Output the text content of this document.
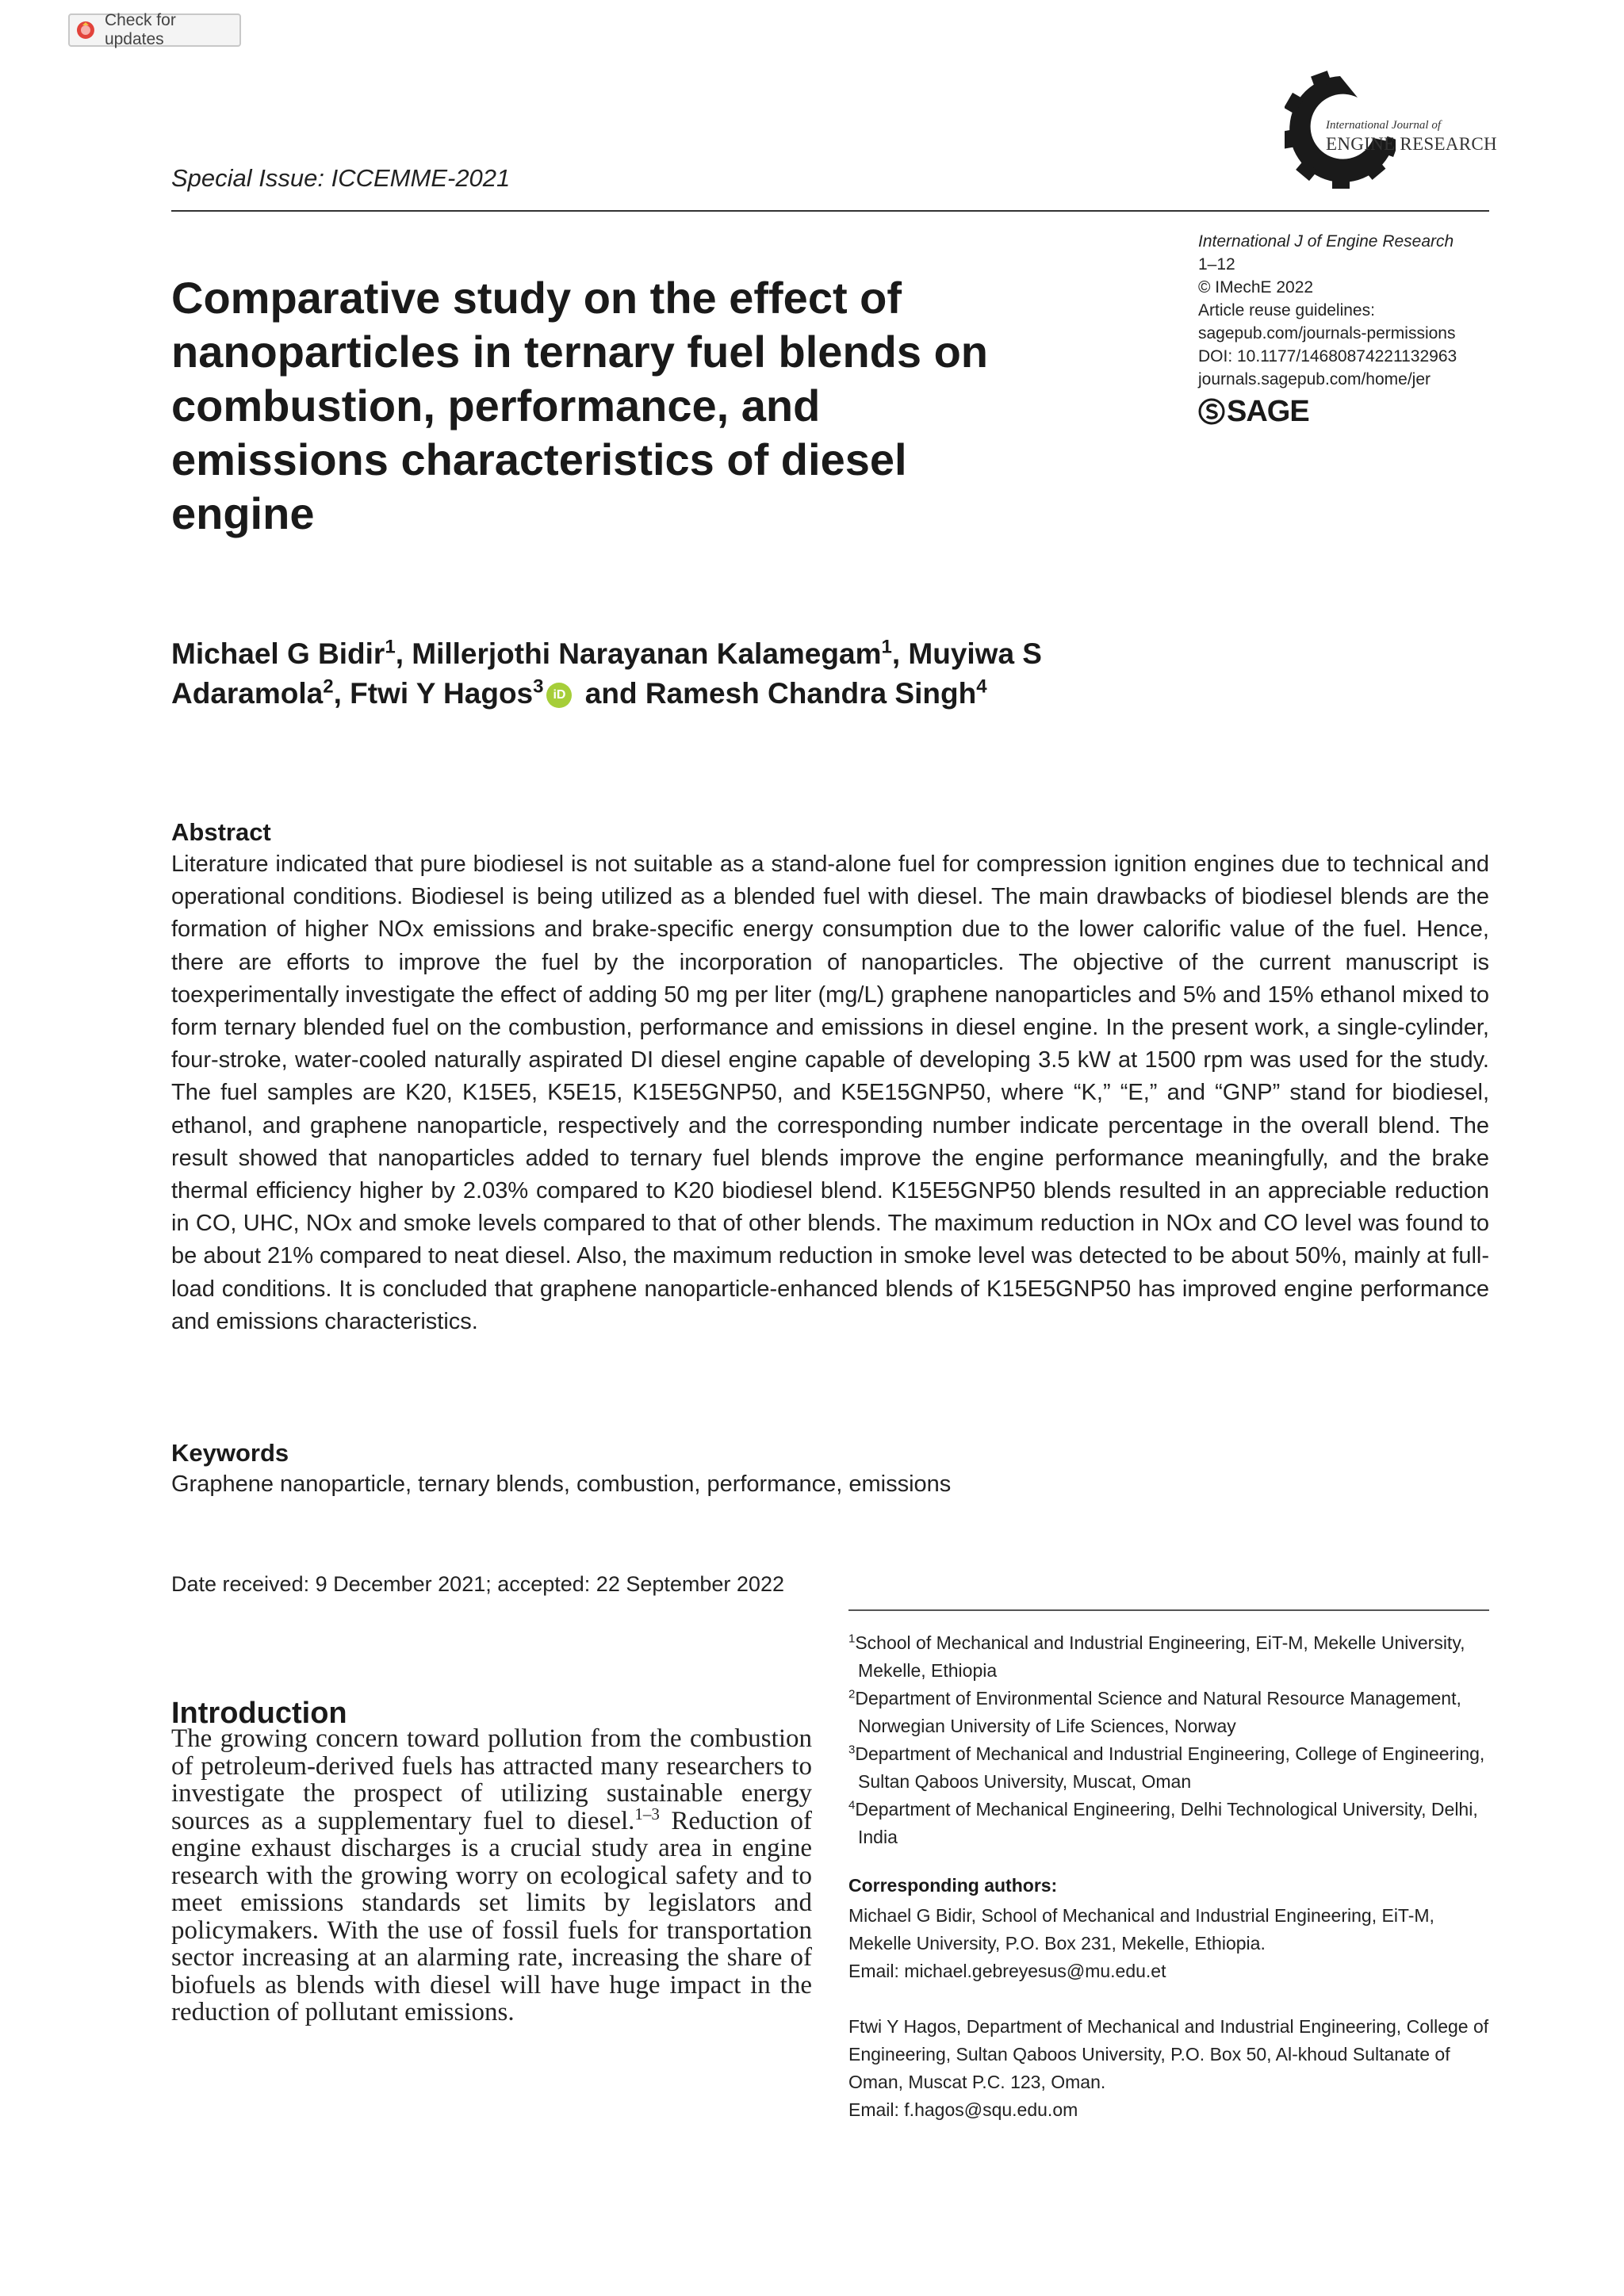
Check for updates
International Journal of
ENGINE RESEARCH
Special Issue: ICCEMME-2021
Comparative study on the effect of nanoparticles in ternary fuel blends on combustion, performance, and emissions characteristics of diesel engine
International J of Engine Research
1–12
© IMechE 2022
Article reuse guidelines:
sagepub.com/journals-permissions
DOI: 10.1177/14680874221132963
journals.sagepub.com/home/jer
SAGE
Michael G Bidir$^1$, Millerjothi Narayanan Kalamegam$^1$, Muyiwa S Adaramola$^2$, Ftwi Y Hagos$^3$ iD and Ramesh Chandra Singh$^4$
Abstract

Literature indicated that pure biodiesel is not suitable as a stand-alone fuel for compression ignition engines due to technical and operational conditions. Biodiesel is being utilized as a blended fuel with diesel. The main drawbacks of biodiesel blends are the formation of higher NOx emissions and brake-specific energy consumption due to the lower calorific value of the fuel. Hence, there are efforts to improve the fuel by the incorporation of nanoparticles. The objective of the current manuscript is toexperimentally investigate the effect of adding 50 mg per liter (mg/L) graphene nanoparticles and 5% and 15% ethanol mixed to form ternary blended fuel on the combustion, performance and emissions in diesel engine. In the present work, a single-cylinder, four-stroke, water-cooled naturally aspirated DI diesel engine capable of developing 3.5 kW at 1500 rpm was used for the study. The fuel samples are K20, K15E5, K5E15, K15E5GNP50, and K5E15GNP50, where “K,” “E,” and “GNP” stand for biodiesel, ethanol, and graphene nanoparticle, respectively and the corresponding number indicate percentage in the overall blend. The result showed that nanoparticles added to ternary fuel blends improve the engine performance meaningfully, and the brake thermal efficiency higher by 2.03% compared to K20 biodiesel blend. K15E5GNP50 blends resulted in an appreciable reduction in CO, UHC, NOx and smoke levels compared to that of other blends. The maximum reduction in NOx and CO level was found to be about 21% compared to neat diesel. Also, the maximum reduction in smoke level was detected to be about 50%, mainly at full-load conditions. It is concluded that graphene nanoparticle-enhanced blends of K15E5GNP50 has improved engine performance and emissions characteristics.

Keywords
Graphene nanoparticle, ternary blends, combustion, performance, emissions
Date received: 9 December 2021; accepted: 22 September 2022
Introduction

The growing concern toward pollution from the combustion of petroleum-derived fuels has attracted many researchers to investigate the prospect of utilizing sustainable energy sources as a supplementary fuel to diesel.$^{1-3}$ Reduction of engine exhaust discharges is a crucial study area in engine research with the growing worry on ecological safety and to meet emissions standards set limits by legislators and policymakers. With the use of fossil fuels for transportation sector increasing at an alarming rate, increasing the share of biofuels as blends with diesel will have huge impact in the reduction of pollutant emissions.

$^1$School of Mechanical and Industrial Engineering, EiT-M, Mekelle University, Mekelle, Ethiopia
$^2$Department of Environmental Science and Natural Resource Management, Norwegian University of Life Sciences, Norway
$^3$Department of Mechanical and Industrial Engineering, College of Engineering, Sultan Qaboos University, Muscat, Oman
$^4$Department of Mechanical Engineering, Delhi Technological University, Delhi, India
Corresponding authors:
Michael G Bidir, School of Mechanical and Industrial Engineering, EiT-M, Mekelle University, P.O. Box 231, Mekelle, Ethiopia.
Email: michael.gebreyesus@mu.edu.et
Ftwi Y Hagos, Department of Mechanical and Industrial Engineering, College of Engineering, Sultan Qaboos University, P.O. Box 50, Al-khoud Sultanate of Oman, Muscat P.C. 123, Oman.
Email: f.hagos@squ.edu.om
